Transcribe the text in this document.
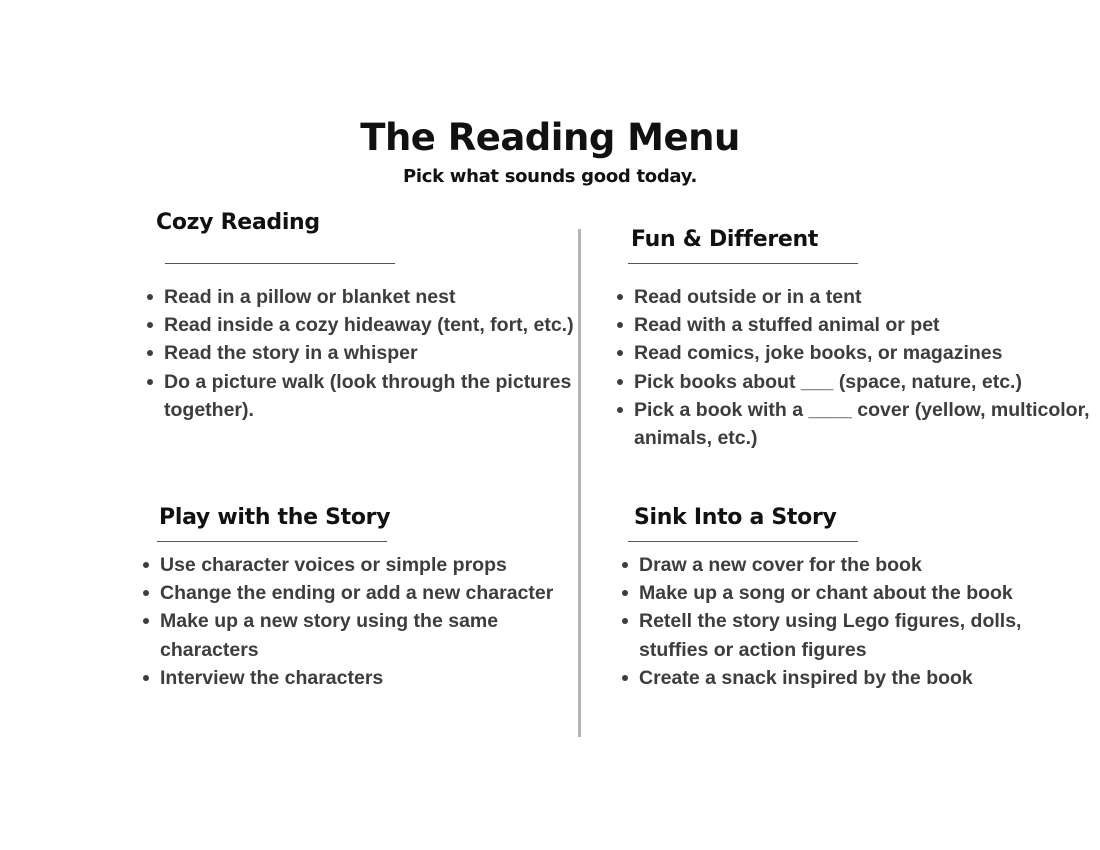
The Reading Menu

Pick what sounds good today.

Cozy Reading
Read in a pillow or blanket nest
Read inside a cozy hideaway (tent, fort, etc.)
Read the story in a whisper
Do a picture walk (look through the pictures together).
Fun & Different
Read outside or in a tent
Read with a stuffed animal or pet
Read comics, joke books, or magazines
Pick books about ___ (space, nature, etc.)
Pick a book with a ____ cover (yellow, multicolor, animals, etc.)
Play with the Story
Use character voices or simple props
Change the ending or add a new character
Make up a new story using the same characters
Interview the characters
Sink Into a Story
Draw a new cover for the book
Make up a song or chant about the book
Retell the story using Lego figures, dolls, stuffies or action figures
Create a snack inspired by the book
